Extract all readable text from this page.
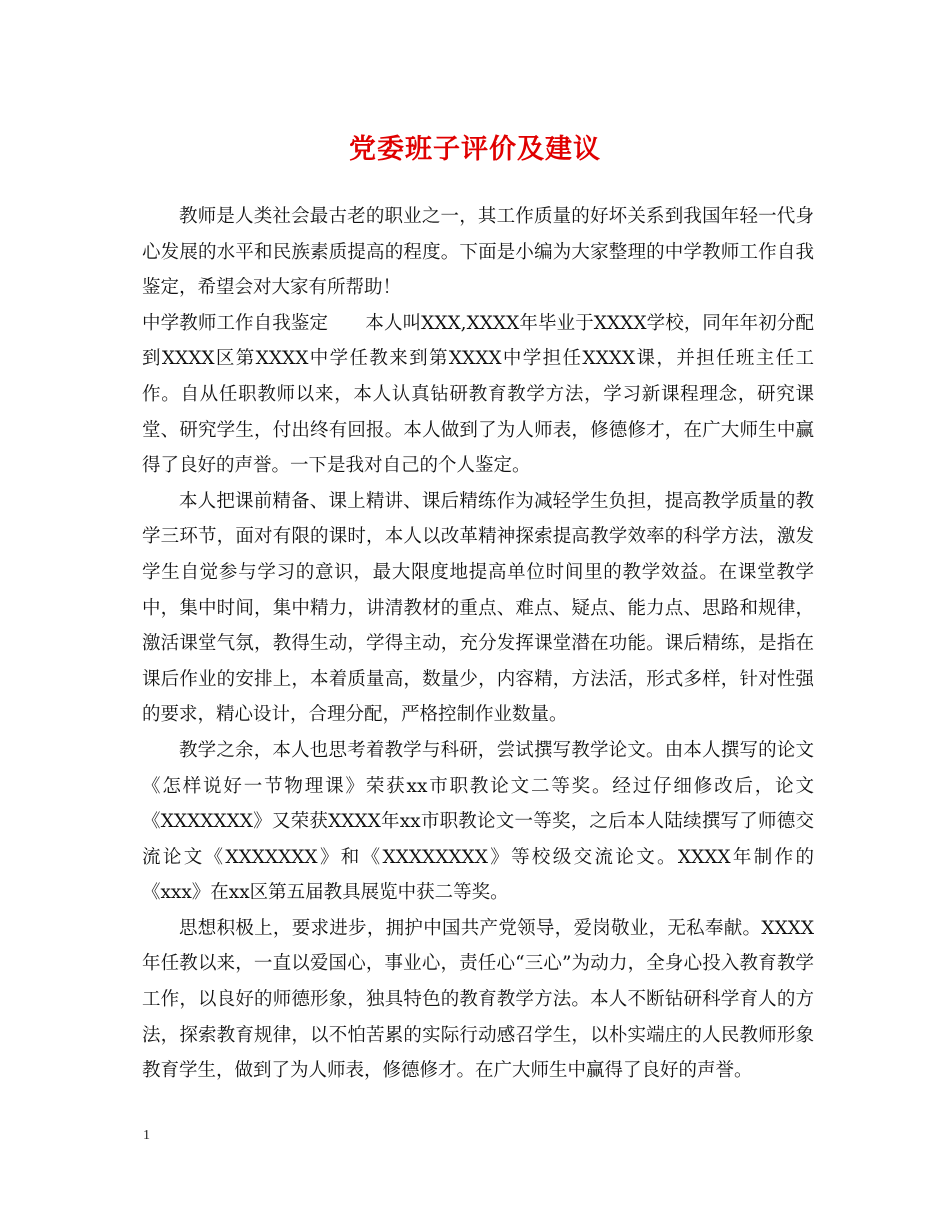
党委班子评价及建议

教师是人类社会最古老的职业之一，其工作质量的好坏关系到我国年轻一代身心发展的水平和民族素质提高的程度。下面是小编为大家整理的中学教师工作自我鉴定，希望会对大家有所帮助！

中学教师工作自我鉴定　　本人叫XXX,XXXX年毕业于XXXX学校，同年年初分配到XXXX区第XXXX中学任教来到第XXXX中学担任XXXX课，并担任班主任工作。自从任职教师以来，本人认真钻研教育教学方法，学习新课程理念，研究课堂、研究学生，付出终有回报。本人做到了为人师表，修德修才，在广大师生中赢得了良好的声誉。一下是我对自己的个人鉴定。

本人把课前精备、课上精讲、课后精练作为减轻学生负担，提高教学质量的教学三环节，面对有限的课时，本人以改革精神探索提高教学效率的科学方法，激发学生自觉参与学习的意识，最大限度地提高单位时间里的教学效益。在课堂教学中，集中时间，集中精力，讲清教材的重点、难点、疑点、能力点、思路和规律，激活课堂气氛，教得生动，学得主动，充分发挥课堂潜在功能。课后精练，是指在课后作业的安排上，本着质量高，数量少，内容精，方法活，形式多样，针对性强的要求，精心设计，合理分配，严格控制作业数量。

教学之余，本人也思考着教学与科研，尝试撰写教学论文。由本人撰写的论文《怎样说好一节物理课》荣获xx市职教论文二等奖。经过仔细修改后，论文《XXXXXXX》又荣获XXXX年xx市职教论文一等奖，之后本人陆续撰写了师德交流论文《XXXXXXX》和《XXXXXXXX》等校级交流论文。XXXX年制作的《xxx》在xx区第五届教具展览中获二等奖。

思想积极上，要求进步，拥护中国共产党领导，爱岗敬业，无私奉献。XXXX年任教以来，一直以爱国心，事业心，责任心“三心”为动力，全身心投入教育教学工作，以良好的师德形象，独具特色的教育教学方法。本人不断钻研科学育人的方法，探索教育规律，以不怕苦累的实际行动感召学生，以朴实端庄的人民教师形象教育学生，做到了为人师表，修德修才。在广大师生中赢得了良好的声誉。

1
